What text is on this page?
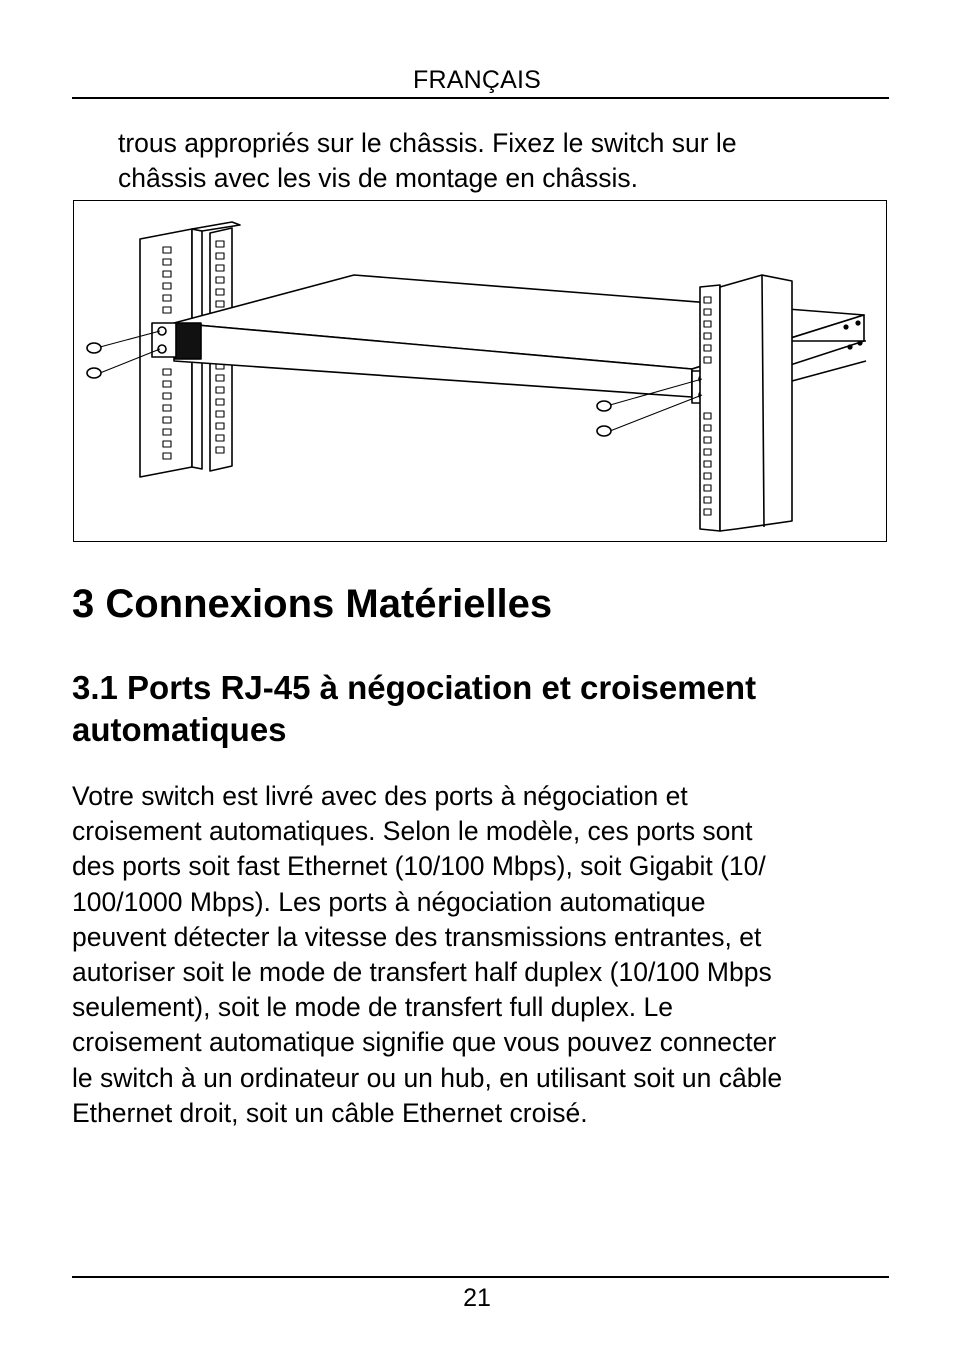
FRANÇAIS

trous appropriés sur le châssis. Fixez le switch sur le

châssis avec les vis de montage en châssis.

3 Connexions Matérielles
3.1 Ports RJ-45 à négociation et croisement
automatiques

Votre switch est livré avec des ports à négociation et

croisement automatiques. Selon le modèle, ces ports sont

des ports soit fast Ethernet (10/100 Mbps), soit Gigabit (10/

100/1000 Mbps). Les ports à négociation automatique

peuvent détecter la vitesse des transmissions entrantes, et

autoriser soit le mode de transfert half duplex (10/100 Mbps

seulement), soit le mode de transfert full duplex. Le

croisement automatique signifie que vous pouvez connecter

le switch à un ordinateur ou un hub, en utilisant soit un câble

Ethernet droit, soit un câble Ethernet croisé.

21
